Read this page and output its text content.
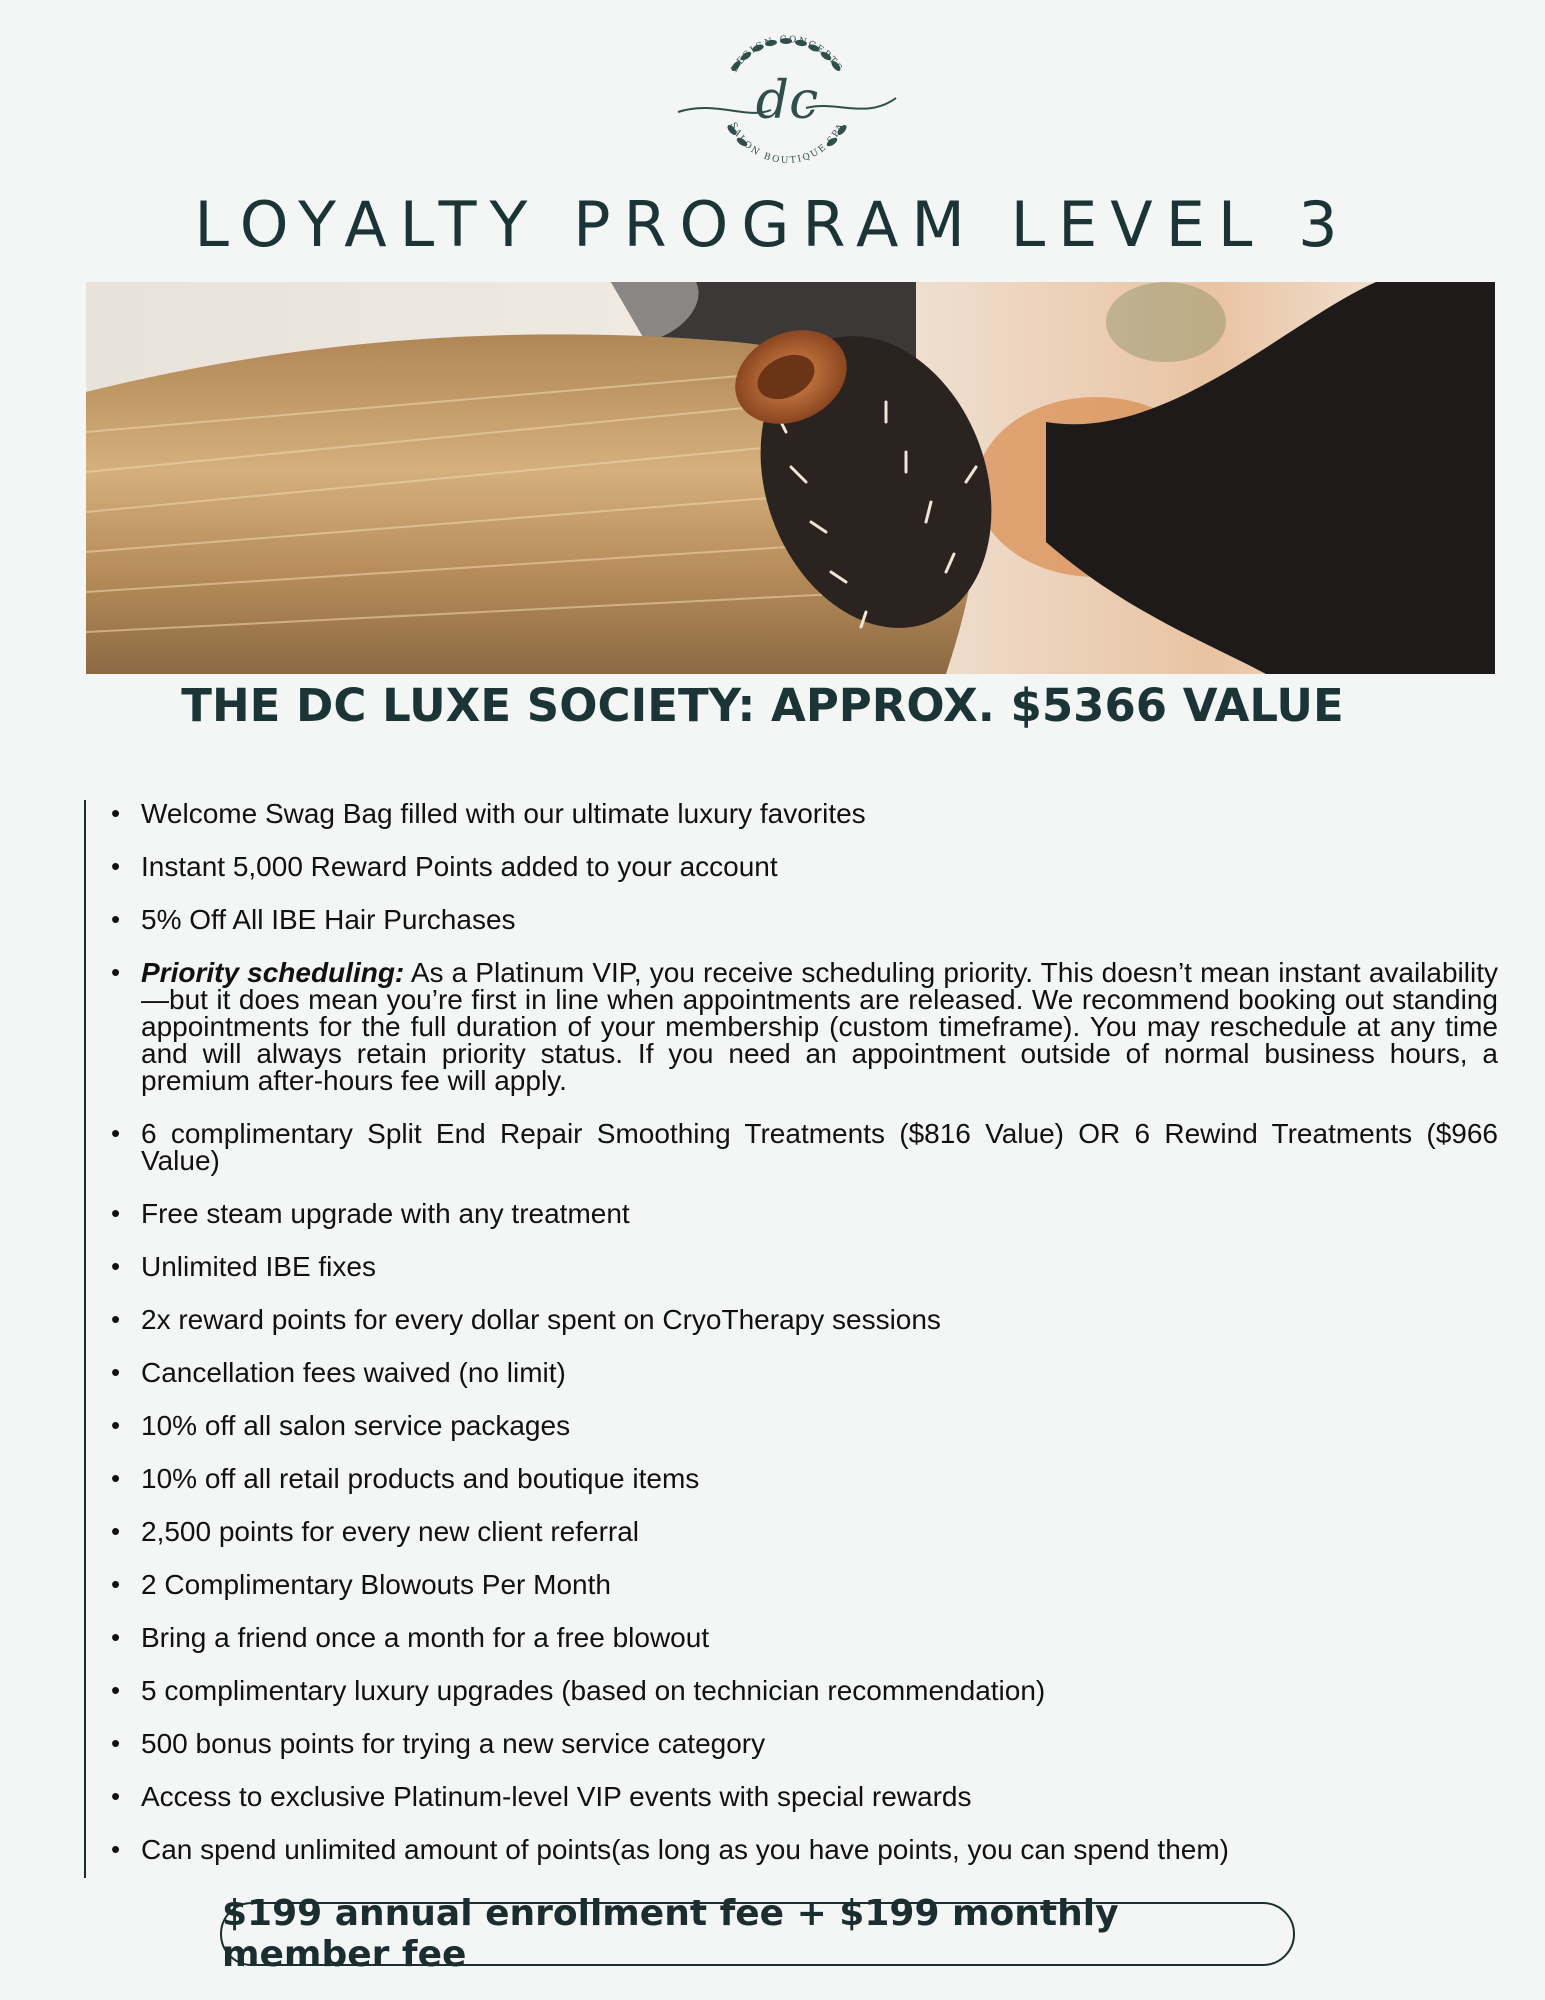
DESIGN CONCEPTS
SALON BOUTIQUE SPA
dc
LOYALTY PROGRAM LEVEL 3
THE DC LUXE SOCIETY: APPROX. $5366 VALUE
• Welcome Swag Bag filled with our ultimate luxury favorites
• Instant 5,000 Reward Points added to your account
• 5% Off All IBE Hair Purchases
• Priority scheduling: As a Platinum VIP, you receive scheduling priority. This doesn’t mean instant availability—but it does mean you’re first in line when appointments are released. We recommend booking out standing appointments for the full duration of your membership (custom timeframe). You may reschedule at any time and will always retain priority status. If you need an appointment outside of normal business hours, a premium after-hours fee will apply.
• 6 complimentary Split End Repair Smoothing Treatments ($816 Value) OR 6 Rewind Treatments ($966 Value)
• Free steam upgrade with any treatment
• Unlimited IBE fixes
• 2x reward points for every dollar spent on CryoTherapy sessions
• Cancellation fees waived (no limit)
• 10% off all salon service packages
• 10% off all retail products and boutique items
• 2,500 points for every new client referral
• 2 Complimentary Blowouts Per Month
• Bring a friend once a month for a free blowout
• 5 complimentary luxury upgrades (based on technician recommendation)
• 500 bonus points for trying a new service category
• Access to exclusive Platinum-level VIP events with special rewards
• Can spend unlimited amount of points(as long as you have points, you can spend them)
$199 annual enrollment fee + $199 monthly member fee
